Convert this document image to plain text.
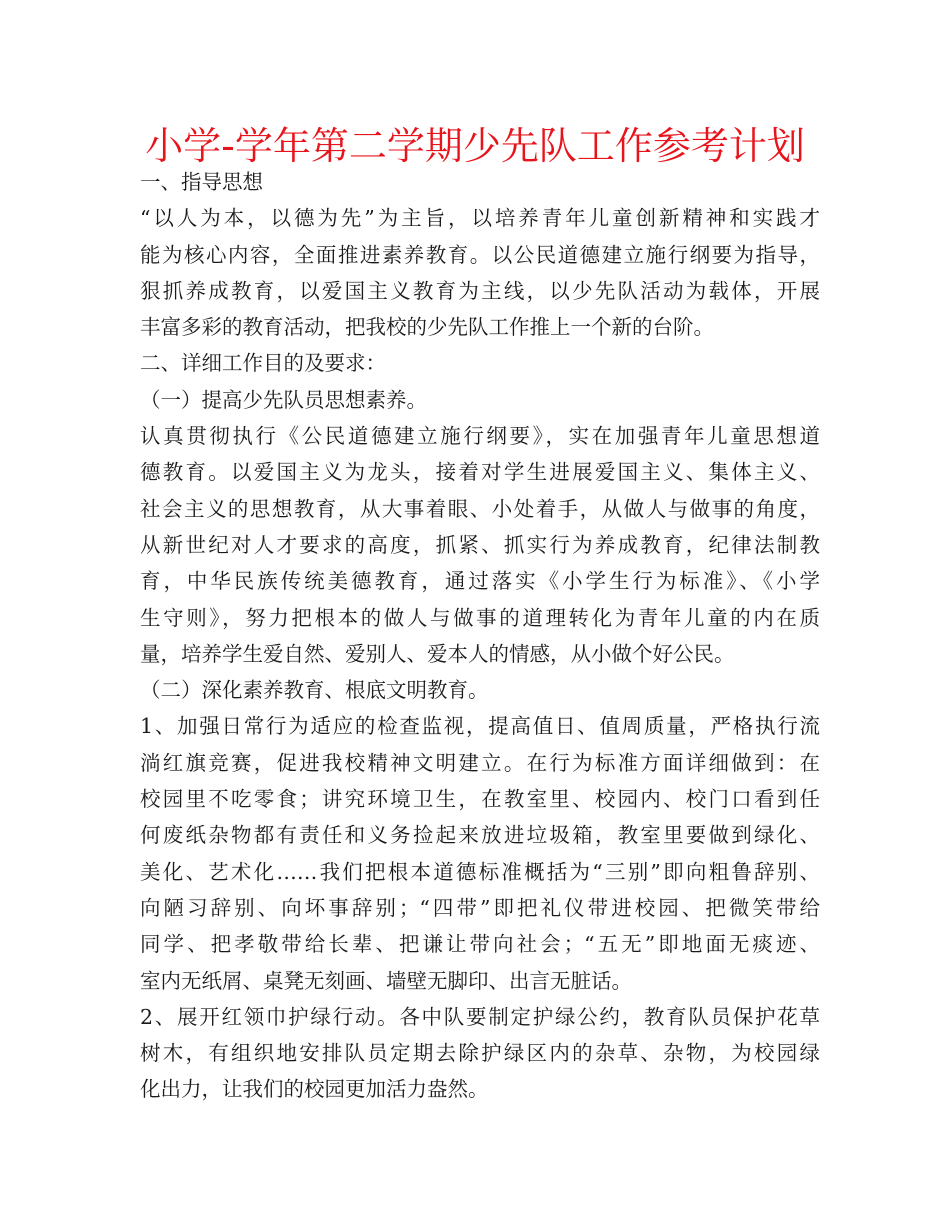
小学-学年第二学期少先队工作参考计划
一、指导思想
“以人为本，以德为先”为主旨，以培养青年儿童创新精神和实践才
能为核心内容，全面推进素养教育。以公民道德建立施行纲要为指导，
狠抓养成教育，以爱国主义教育为主线，以少先队活动为载体，开展
丰富多彩的教育活动，把我校的少先队工作推上一个新的台阶。
二、详细工作目的及要求：
（一）提高少先队员思想素养。
认真贯彻执行《公民道德建立施行纲要》，实在加强青年儿童思想道
德教育。以爱国主义为龙头，接着对学生进展爱国主义、集体主义、
社会主义的思想教育，从大事着眼、小处着手，从做人与做事的角度，
从新世纪对人才要求的高度，抓紧、抓实行为养成教育，纪律法制教
育，中华民族传统美德教育，通过落实《小学生行为标准》、《小学
生守则》，努力把根本的做人与做事的道理转化为青年儿童的内在质
量，培养学生爱自然、爱别人、爱本人的情感，从小做个好公民。
（二）深化素养教育、根底文明教育。
1、加强日常行为适应的检查监视，提高值日、值周质量，严格执行流
淌红旗竞赛，促进我校精神文明建立。在行为标准方面详细做到：在
校园里不吃零食；讲究环境卫生，在教室里、校园内、校门口看到任
何废纸杂物都有责任和义务捡起来放进垃圾箱，教室里要做到绿化、
美化、艺术化……我们把根本道德标准概括为“三别”即向粗鲁辞别、
向陋习辞别、向坏事辞别；“四带”即把礼仪带进校园、把微笑带给
同学、把孝敬带给长辈、把谦让带向社会；“五无”即地面无痰迹、
室内无纸屑、桌凳无刻画、墙壁无脚印、出言无脏话。
2、展开红领巾护绿行动。各中队要制定护绿公约，教育队员保护花草
树木，有组织地安排队员定期去除护绿区内的杂草、杂物，为校园绿
化出力，让我们的校园更加活力盎然。
